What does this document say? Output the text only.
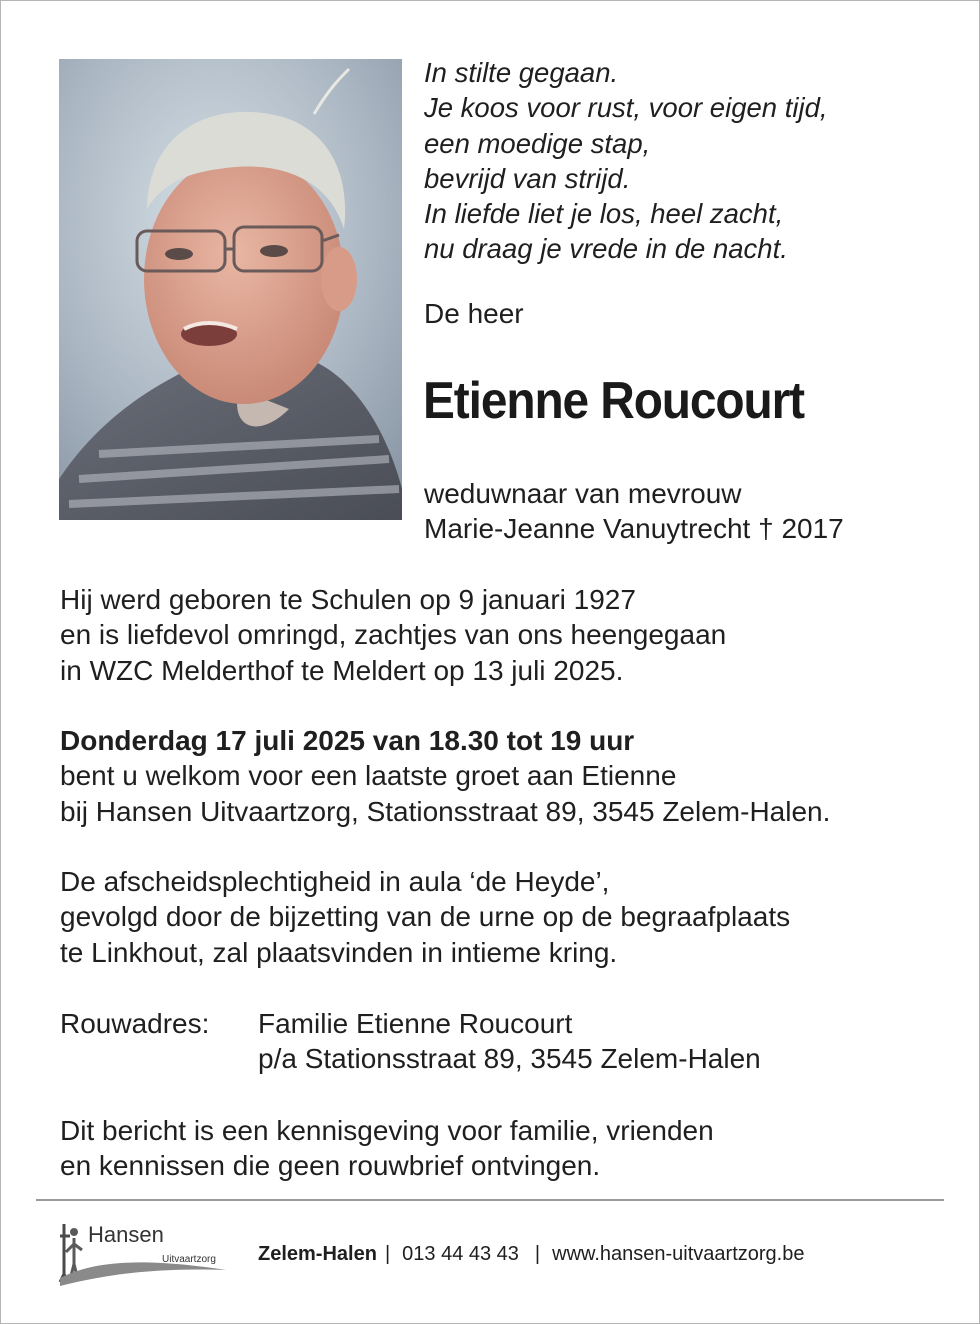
In stilte gegaan.
Je koos voor rust, voor eigen tijd,
een moedige stap,
bevrijd van strijd.
In liefde liet je los, heel zacht,
nu draag je vrede in de nacht.
De heer
Etienne Roucourt
weduwnaar van mevrouw
Marie-Jeanne Vanuytrecht † 2017
Hij werd geboren te Schulen op 9 januari 1927
en is liefdevol omringd, zachtjes van ons heengegaan
in WZC Melderthof te Meldert op 13 juli 2025.
Donderdag 17 juli 2025 van 18.30 tot 19 uur
bent u welkom voor een laatste groet aan Etienne
bij Hansen Uitvaartzorg, Stationsstraat 89, 3545 Zelem-Halen.
De afscheidsplechtigheid in aula ‘de Heyde’,
gevolgd door de bijzetting van de urne op de begraafplaats
te Linkhout, zal plaatsvinden in intieme kring.
Rouwadres: Familie Etienne Roucourt
p/a Stationsstraat 89, 3545 Zelem-Halen
Dit bericht is een kennisgeving voor familie, vrienden
en kennissen die geen rouwbrief ontvingen.
Hansen
Uitvaartzorg Zelem-Halen | 013 44 43 43 | www.hansen-uitvaartzorg.be
